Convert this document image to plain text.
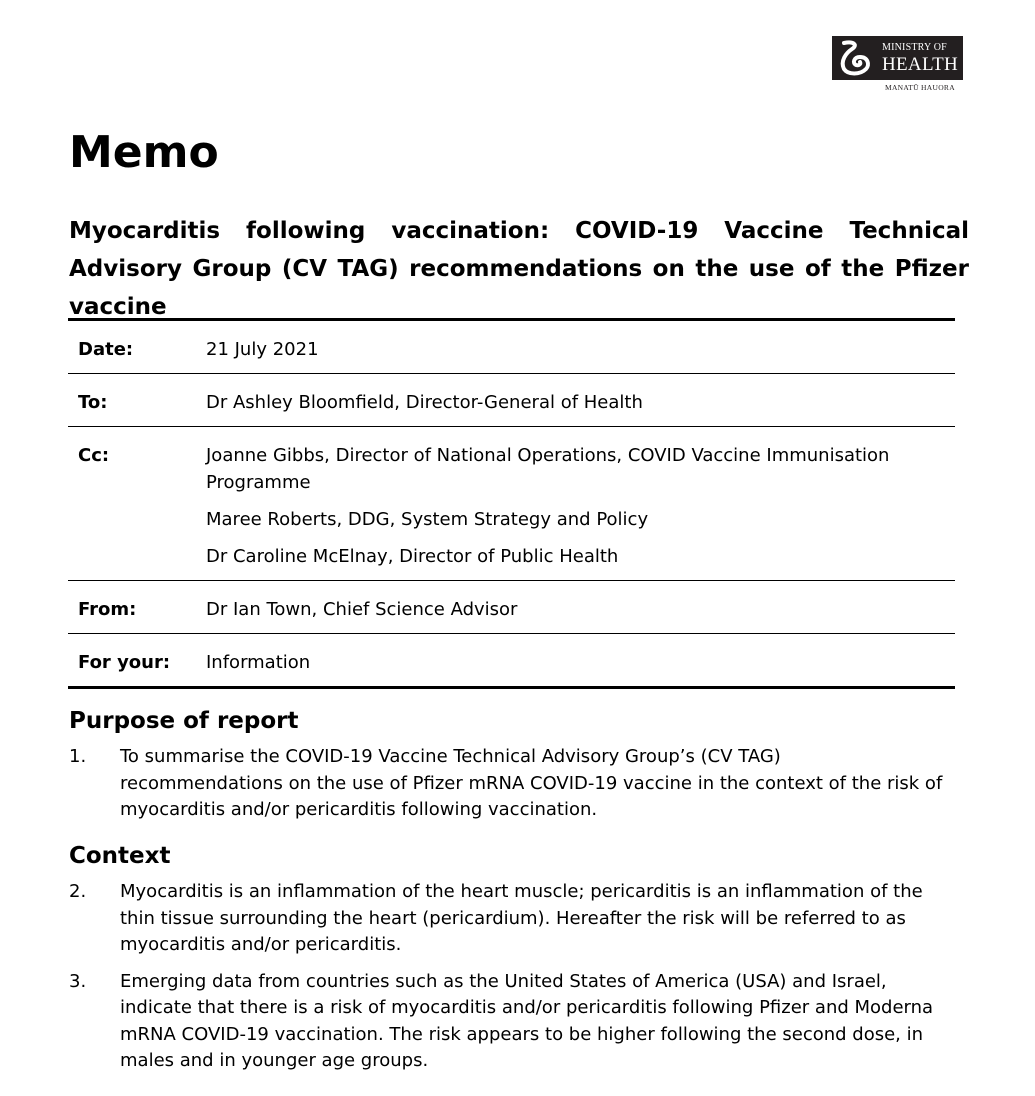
MINISTRY OF
HEALTH
MANATŪ HAUORA
Memo
Myocarditis following vaccination: COVID-19 Vaccine Technical Advisory Group (CV TAG) recommendations on the use of the Pfizer vaccine
Date:	21 July 2021
To:	Dr Ashley Bloomfield, Director-General of Health
Cc:	Joanne Gibbs, Director of National Operations, COVID Vaccine Immunisation Programme
Maree Roberts, DDG, System Strategy and Policy
Dr Caroline McElnay, Director of Public Health
From:	Dr Ian Town, Chief Science Advisor
For your:	Information
Purpose of report
1.	To summarise the COVID-19 Vaccine Technical Advisory Group’s (CV TAG) recommendations on the use of Pfizer mRNA COVID-19 vaccine in the context of the risk of myocarditis and/or pericarditis following vaccination.
Context
2.	Myocarditis is an inflammation of the heart muscle; pericarditis is an inflammation of the thin tissue surrounding the heart (pericardium). Hereafter the risk will be referred to as myocarditis and/or pericarditis.
3.	Emerging data from countries such as the United States of America (USA) and Israel, indicate that there is a risk of myocarditis and/or pericarditis following Pfizer and Moderna mRNA COVID-19 vaccination. The risk appears to be higher following the second dose, in males and in younger age groups.
